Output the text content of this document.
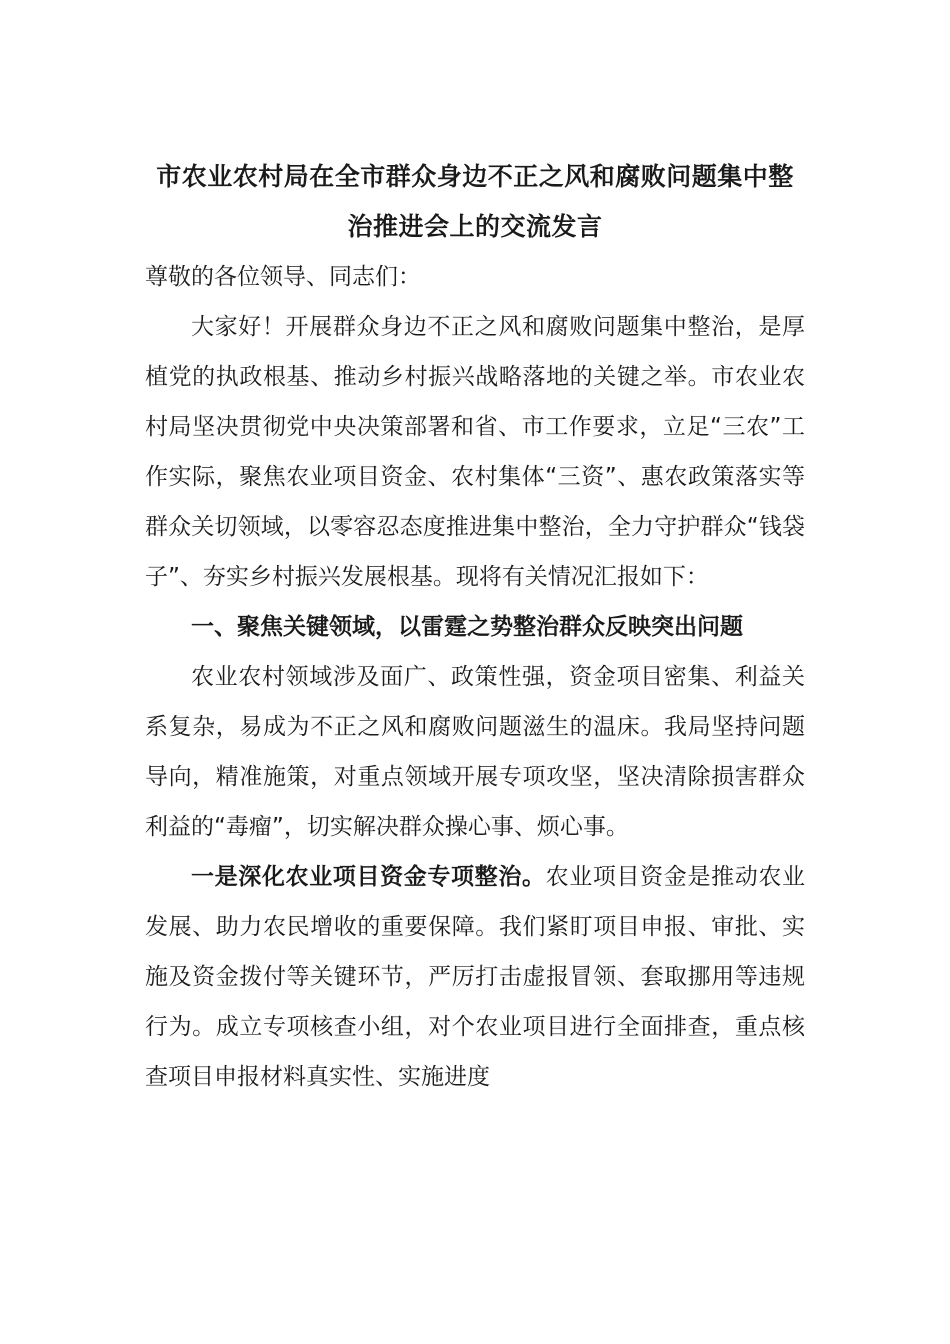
市农业农村局在全市群众身边不正之风和腐败问题集中整治推进会上的交流发言

尊敬的各位领导、同志们：

大家好！开展群众身边不正之风和腐败问题集中整治，是厚植党的执政根基、推动乡村振兴战略落地的关键之举。市农业农村局坚决贯彻党中央决策部署和省、市工作要求，立足“三农”工作实际，聚焦农业项目资金、农村集体“三资”、惠农政策落实等群众关切领域，以零容忍态度推进集中整治，全力守护群众“钱袋子”、夯实乡村振兴发展根基。现将有关情况汇报如下：

一、聚焦关键领域，以雷霆之势整治群众反映突出问题

农业农村领域涉及面广、政策性强，资金项目密集、利益关系复杂，易成为不正之风和腐败问题滋生的温床。我局坚持问题导向，精准施策，对重点领域开展专项攻坚，坚决清除损害群众利益的“毒瘤”，切实解决群众操心事、烦心事。

一是深化农业项目资金专项整治。农业项目资金是推动农业发展、助力农民增收的重要保障。我们紧盯项目申报、审批、实施及资金拨付等关键环节，严厉打击虚报冒领、套取挪用等违规行为。成立专项核查小组，对个农业项目进行全面排查，重点核查项目申报材料真实性、实施进度
